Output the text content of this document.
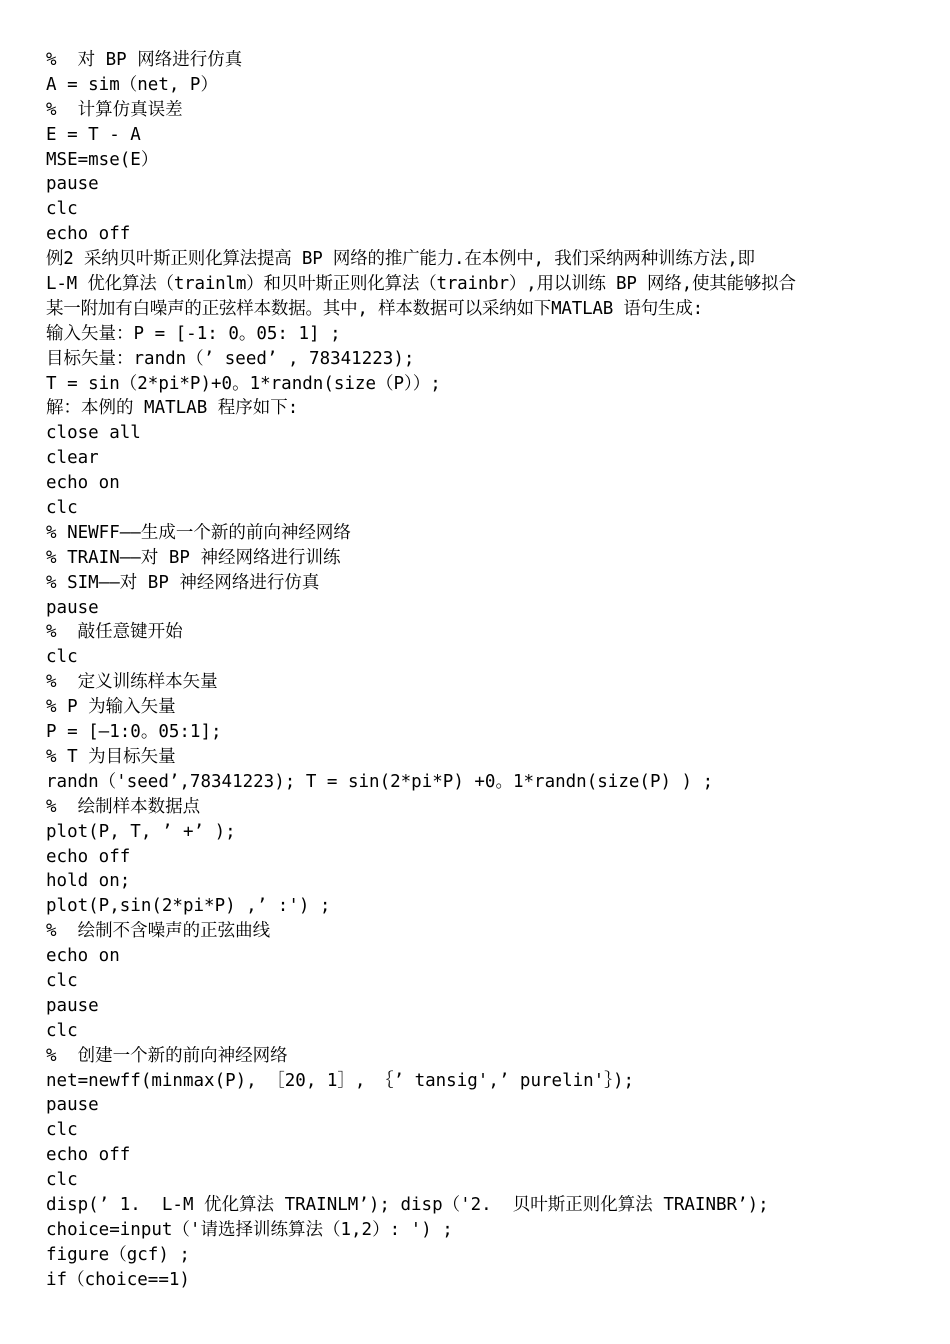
%  对 BP 网络进行仿真
A = sim（net, P）
%  计算仿真误差
E = T - A
MSE=mse(E）
pause
clc
echo off
例2 采纳贝叶斯正则化算法提高 BP 网络的推广能力.在本例中, 我们采纳两种训练方法,即
L-M 优化算法（trainlm）和贝叶斯正则化算法（trainbr）,用以训练 BP 网络,使其能够拟合
某一附加有白噪声的正弦样本数据。其中, 样本数据可以采纳如下MATLAB 语句生成:
输入矢量：P = [-1: 0。05: 1] ;
目标矢量：randn（’ seed’ , 78341223);
T = sin（2*pi*P)+0。1*randn(size（P））;
解：本例的 MATLAB 程序如下:
close all
clear
echo on
clc
% NEWFF——生成一个新的前向神经网络
% TRAIN——对 BP 神经网络进行训练
% SIM——对 BP 神经网络进行仿真
pause
%  敲任意键开始
clc
%  定义训练样本矢量
% P 为输入矢量
P = [—1:0。05:1];
% T 为目标矢量
randn（'seed’,78341223); T = sin(2*pi*P) +0。1*randn(size(P) ) ;
%  绘制样本数据点
plot(P, T, ’ +’ );
echo off
hold on;
plot(P,sin(2*pi*P) ,’ :') ;
%  绘制不含噪声的正弦曲线
echo on
clc
pause
clc
%  创建一个新的前向神经网络
net=newff(minmax(P), ［20, 1］, ｛’ tansig',’ purelin'｝);
pause
clc
echo off
clc
disp(’ 1.  L-M 优化算法 TRAINLM’); disp（'2.  贝叶斯正则化算法 TRAINBR’);
choice=input（'请选择训练算法（1,2）: ') ;
figure（gcf) ;
if（choice==1)
